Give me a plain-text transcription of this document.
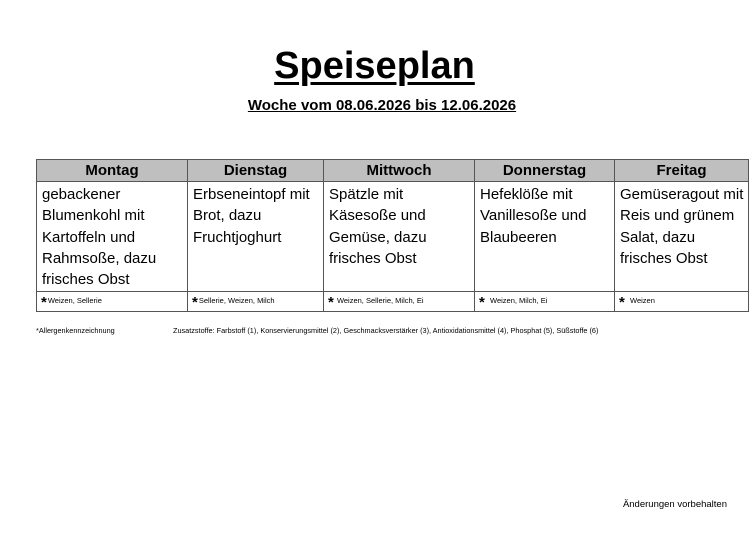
Speiseplan
Woche vom 08.06.2026 bis 12.06.2026
Montag	Dienstag	Mittwoch	Donnerstag	Freitag
gebackener Blumenkohl mit Kartoffeln und Rahmsoße, dazu frisches Obst	Erbseneintopf mit Brot, dazu Fruchtjoghurt	Spätzle mit Käsesoße und Gemüse, dazu frisches Obst	Hefeklöße mit Vanillesoße und Blaubeeren	Gemüseragout mit Reis und grünem Salat, dazu frisches Obst
*Weizen, Sellerie	*Sellerie, Weizen, Milch	* Weizen, Sellerie, Milch, Ei	* Weizen, Milch, Ei	* Weizen
*Allergenkennzeichnung	Zusatzstoffe: Farbstoff (1), Konservierungsmittel (2), Geschmacksverstärker (3), Antioxidationsmittel (4), Phosphat (5), Süßstoffe (6)
Änderungen vorbehalten
